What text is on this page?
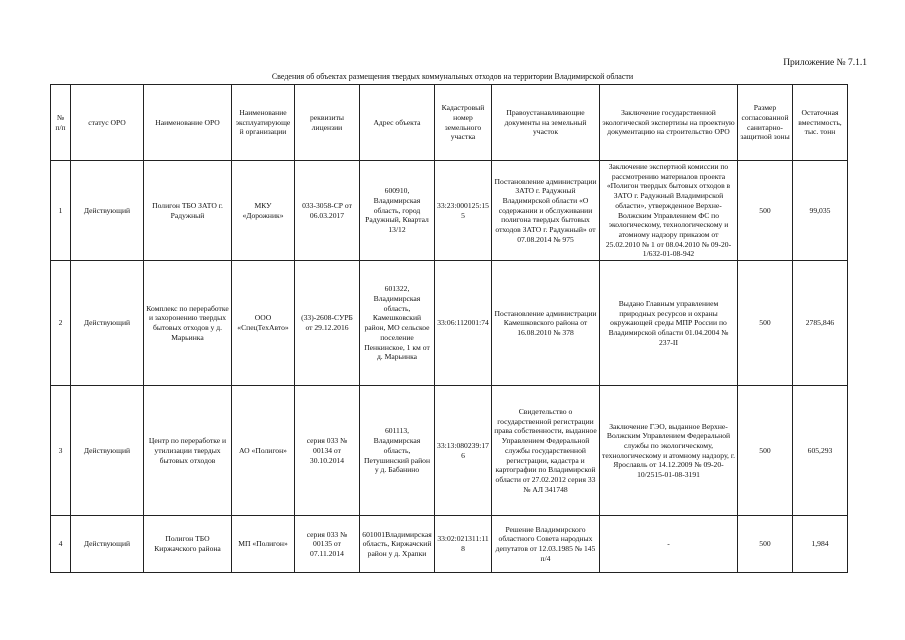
Приложение № 7.1.1
Сведения об объектах размещения твердых коммунальных отходов на территории Владимирской области
№ п/п	статус ОРО	Наименование ОРО	Наименование эксплуатирующей организации	реквизиты лицензии	Адрес объекта	Кадастровый номер земельного участка	Правоустанавливающие документы на земельный участок	Заключение государственной экологической экспертизы на проектную документацию на строительство ОРО	Размер согласованной санитарно-защитной зоны	Остаточная вместимость, тыс. тонн
1	Действующий	Полигон ТБО ЗАТО г. Радужный	МКУ «Дорожник»	033-3058-СР от 06.03.2017	600910, Владимирская область, город Радужный, Квартал 13/12	33:23:000125:155	Постановление администрации ЗАТО г. Радужный Владимирской области «О содержании и обслуживании полигона твердых бытовых отходов ЗАТО г. Радужный» от 07.08.2014 № 975	Заключение экспертной комиссии по рассмотрению материалов проекта «Полигон твердых бытовых отходов в ЗАТО г. Радужный Владимирской области», утвержденное Верхне-Волжским Управлением ФС по экологическому, технологическому и атомному надзору приказом от 25.02.2010 № 1 от 08.04.2010 № 09-20-1/632-01-08-942	500	99,035
2	Действующий	Комплекс по переработке и захоронению твердых бытовых отходов у д. Марьинка	ООО «СпецТехАвто»	(33)-2608-СУРБ от 29.12.2016	601322, Владимирская область, Камешковский район, МО сельское поселение Пенкинское, 1 км от д. Марьинка	33:06:112001:74	Постановление администрации Камешковского района от 16.08.2010 № 378	Выдано Главным управлением природных ресурсов и охраны окружающей среды МПР России по Владимирской области 01.04.2004 № 237-II	500	2785,846
3	Действующий	Центр по переработке и утилизации твердых бытовых отходов	АО «Полигон»	серия 033 № 00134 от 30.10.2014	601113, Владимирская область, Петушинский район у д. Бабанино	33:13:080239:176	Свидетельство о государственной регистрации права собственности, выданное Управлением Федеральной службы государственной регистрации, кадастра и картографии по Владимирской области от 27.02.2012 серия 33 № АЛ 341748	Заключение ГЭО, выданное Верхне-Волжским Управлением Федеральной службы по экологическому, технологическому и атомному надзору, г. Ярославль от 14.12.2009 № 09-20-10/2515-01-08-3191	500	605,293
4	Действующий	Полигон ТБО Киржачского района	МП «Полигон»	серия 033 № 00135 от 07.11.2014	601001Владимирская область, Киржачский район у д. Храпки	33:02:021311:118	Решение Владимирского областного Совета народных депутатов от 12.03.1985 № 145 п/4	-	500	1,984
